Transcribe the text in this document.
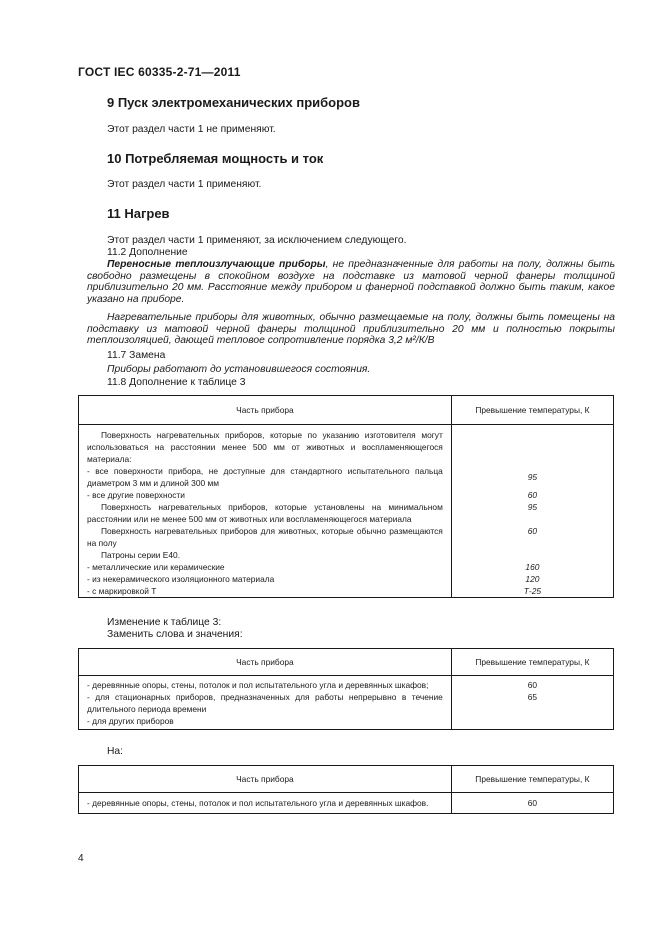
ГОСТ IEC 60335-2-71—2011
9 Пуск электромеханических приборов
Этот раздел части 1 не применяют.
10 Потребляемая мощность и ток
Этот раздел части 1 применяют.
11 Нагрев
Этот раздел части 1 применяют, за исключением следующего.
11.2 Дополнение
Переносные теплоизлучающие приборы, не предназначенные для работы на полу, должны быть свободно размещены в спокойном воздухе на подставке из матовой черной фанеры толщиной приблизительно 20 мм. Расстояние между прибором и фанерной подставкой должно быть таким, какое указано на приборе.
Нагревательные приборы для животных, обычно размещаемые на полу, должны быть помещены на подставку из матовой черной фанеры толщиной приблизительно 20 мм и полностью покрыты теплоизоляцией, дающей тепловое сопротивление порядка 3,2 м²/К/В
11.7 Замена
Приборы работают до установившегося состояния.
11.8 Дополнение к таблице 3
Часть прибора	Превышение температуры, К
Поверхность нагревательных приборов, которые по указанию изготовителя могут использоваться на расстоянии менее 500 мм от животных и воспламеняющегося материала:	
- все поверхности прибора, не доступные для стандартного испытательного пальца диаметром 3 мм и длиной 300 мм	95
- все другие поверхности	60
Поверхность нагревательных приборов, которые установлены на минимальном расстоянии или не менее 500 мм от животных или воспламеняющегося материала	95
Поверхность нагревательных приборов для животных, которые обычно размещаются на полу	60
Патроны серии Е40.	
- металлические или керамические	160
- из некерамического изоляционного материала	120
- с маркировкой Т	Т-25
Изменение к таблице 3:
Заменить слова и значения:
Часть прибора	Превышение температуры, К
- деревянные опоры, стены, потолок и пол испытательного угла и деревянных шкафов;	60
- для стационарных приборов, предназначенных для работы непрерывно в течение длительного периода времени	65
- для других приборов	
На:
Часть прибора	Превышение температуры, К
- деревянные опоры, стены, потолок и пол испытательного угла и деревянных шкафов.	60
4
